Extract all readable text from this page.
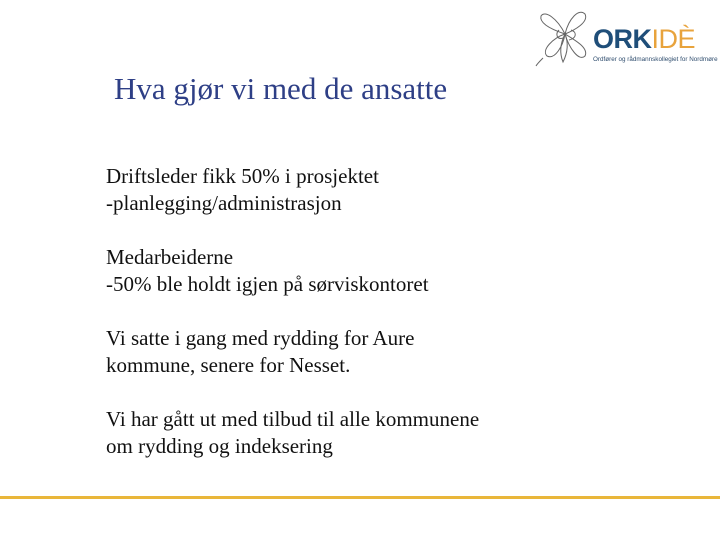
ORKIDÈ
Ordfører og rådmannskollegiet for Nordmøre
Hva gjør vi med de ansatte
Driftsleder fikk 50% i prosjektet
-planlegging/administrasjon
Medarbeiderne
-50% ble holdt igjen på sørviskontoret
Vi satte i gang med rydding for Aure
kommune, senere for Nesset.
Vi har gått ut med tilbud til alle kommunene
om rydding og indeksering
